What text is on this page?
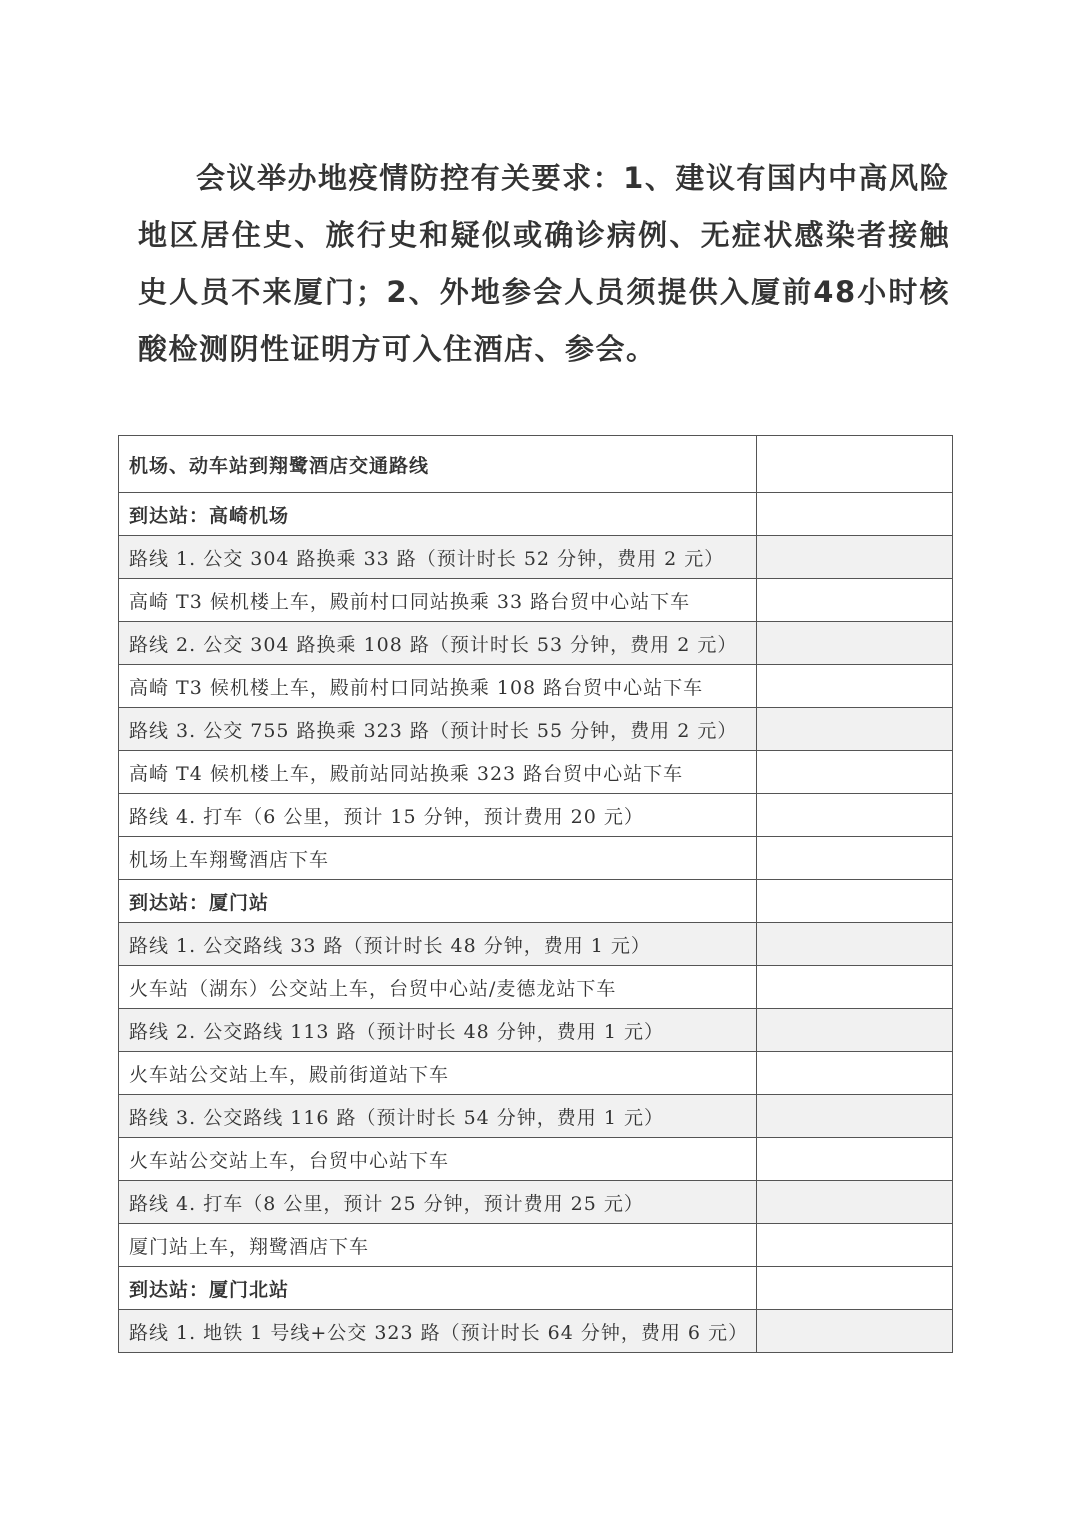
会议举办地疫情防控有关要求：1、建议有国内中高风险地区居住史、旅行史和疑似或确诊病例、无症状感染者接触史人员不来厦门；2、外地参会人员须提供入厦前48小时核酸检测阴性证明方可入住酒店、参会。
机场、动车站到翔鹭酒店交通路线	
到达站：高崎机场	
路线 1. 公交 304 路换乘 33 路（预计时长 52 分钟，费用 2 元）	
高崎 T3 候机楼上车，殿前村口同站换乘 33 路台贸中心站下车	
路线 2. 公交 304 路换乘 108 路（预计时长 53 分钟，费用 2 元）	
高崎 T3 候机楼上车，殿前村口同站换乘 108 路台贸中心站下车	
路线 3. 公交 755 路换乘 323 路（预计时长 55 分钟，费用 2 元）	
高崎 T4 候机楼上车，殿前站同站换乘 323 路台贸中心站下车	
路线 4. 打车（6 公里，预计 15 分钟，预计费用 20 元）	
机场上车翔鹭酒店下车	
到达站：厦门站	
路线 1. 公交路线 33 路（预计时长 48 分钟，费用 1 元）	
火车站（湖东）公交站上车，台贸中心站/麦德龙站下车	
路线 2. 公交路线 113 路（预计时长 48 分钟，费用 1 元）	
火车站公交站上车，殿前街道站下车	
路线 3. 公交路线 116 路（预计时长 54 分钟，费用 1 元）	
火车站公交站上车，台贸中心站下车	
路线 4. 打车（8 公里，预计 25 分钟，预计费用 25 元）	
厦门站上车，翔鹭酒店下车	
到达站：厦门北站	
路线 1. 地铁 1 号线+公交 323 路（预计时长 64 分钟，费用 6 元）	
